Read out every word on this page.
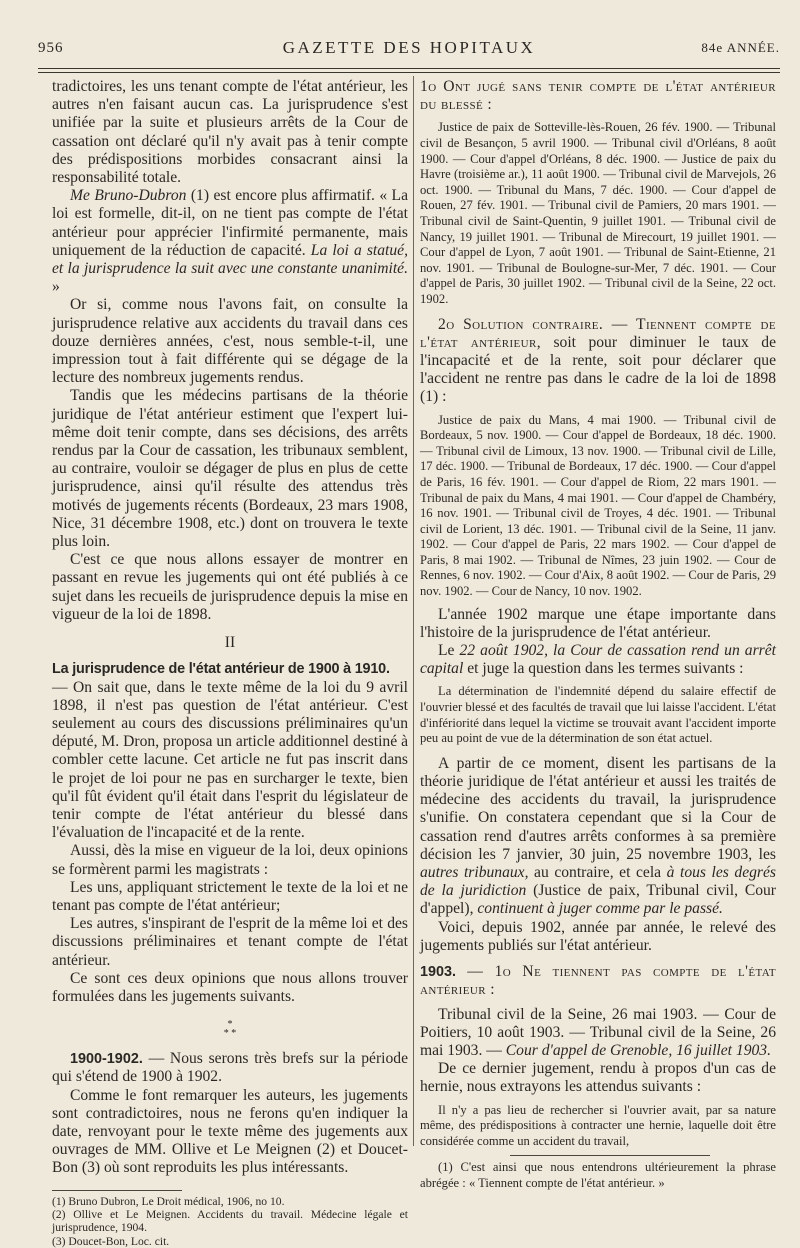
956	GAZETTE DES HOPITAUX	84e ANNÉE.

tradictoires, les uns tenant compte de l'état antérieur, les autres n'en faisant aucun cas. La jurisprudence s'est unifiée par la suite et plusieurs arrêts de la Cour de cassation ont déclaré qu'il n'y avait pas à tenir compte des prédispositions morbides consacrant ainsi la responsabilité totale.

Me Bruno-Dubron (1) est encore plus affirmatif. « La loi est formelle, dit-il, on ne tient pas compte de l'état antérieur pour apprécier l'infirmité permanente, mais uniquement de la réduction de capacité. La loi a statué, et la jurisprudence la suit avec une constante unanimité. »

Or si, comme nous l'avons fait, on consulte la jurisprudence relative aux accidents du travail dans ces douze dernières années, c'est, nous semble-t-il, une impression tout à fait différente qui se dégage de la lecture des nombreux jugements rendus.

Tandis que les médecins partisans de la théorie juridique de l'état antérieur estiment que l'expert lui-même doit tenir compte, dans ses décisions, des arrêts rendus par la Cour de cassation, les tribunaux semblent, au contraire, vouloir se dégager de plus en plus de cette jurisprudence, ainsi qu'il résulte des attendus très motivés de jugements récents (Bordeaux, 23 mars 1908, Nice, 31 décembre 1908, etc.) dont on trouvera le texte plus loin.

C'est ce que nous allons essayer de montrer en passant en revue les jugements qui ont été publiés à ce sujet dans les recueils de jurisprudence depuis la mise en vigueur de la loi de 1898.

II

La jurisprudence de l'état antérieur de 1900 à 1910.

— On sait que, dans le texte même de la loi du 9 avril 1898, il n'est pas question de l'état antérieur. C'est seulement au cours des discussions préliminaires qu'un député, M. Dron, proposa un article additionnel destiné à combler cette lacune. Cet article ne fut pas inscrit dans le projet de loi pour ne pas en surcharger le texte, bien qu'il fût évident qu'il était dans l'esprit du législateur de tenir compte de l'état antérieur du blessé dans l'évaluation de l'incapacité et de la rente.

Aussi, dès la mise en vigueur de la loi, deux opinions se formèrent parmi les magistrats :

Les uns, appliquant strictement le texte de la loi et ne tenant pas compte de l'état antérieur;

Les autres, s'inspirant de l'esprit de la même loi et des discussions préliminaires et tenant compte de l'état antérieur.

Ce sont ces deux opinions que nous allons trouver formulées dans les jugements suivants.

*
* *

1900-1902. — Nous serons très brefs sur la période qui s'étend de 1900 à 1902.

Comme le font remarquer les auteurs, les jugements sont contradictoires, nous ne ferons qu'en indiquer la date, renvoyant pour le texte même des jugements aux ouvrages de MM. Ollive et Le Meignen (2) et Doucet-Bon (3) où sont reproduits les plus intéressants.

(1) Bruno Dubron, Le Droit médical, 1906, no 10.
(2) Ollive et Le Meignen. Accidents du travail. Médecine légale et jurisprudence, 1904.
(3) Doucet-Bon, Loc. cit.

1o Ont jugé sans tenir compte de l'état antérieur du blessé :

Justice de paix de Sotteville-lès-Rouen, 26 fév. 1900. — Tribunal civil de Besançon, 5 avril 1900. — Tribunal civil d'Orléans, 8 août 1900. — Cour d'appel d'Orléans, 8 déc. 1900. — Justice de paix du Havre (troisième ar.), 11 août 1900. — Tribunal civil de Marvejols, 26 oct. 1900. — Tribunal du Mans, 7 déc. 1900. — Cour d'appel de Rouen, 27 fév. 1901. — Tribunal civil de Pamiers, 20 mars 1901. — Tribunal civil de Saint-Quentin, 9 juillet 1901. — Tribunal civil de Nancy, 19 juillet 1901. — Tribunal de Mirecourt, 19 juillet 1901. — Cour d'appel de Lyon, 7 août 1901. — Tribunal de Saint-Etienne, 21 nov. 1901. — Tribunal de Boulogne-sur-Mer, 7 déc. 1901. — Cour d'appel de Paris, 30 juillet 1902. — Tribunal civil de la Seine, 22 oct. 1902.

2o Solution contraire. — Tiennent compte de l'état antérieur, soit pour diminuer le taux de l'incapacité et de la rente, soit pour déclarer que l'accident ne rentre pas dans le cadre de la loi de 1898 (1) :

Justice de paix du Mans, 4 mai 1900. — Tribunal civil de Bordeaux, 5 nov. 1900. — Cour d'appel de Bordeaux, 18 déc. 1900. — Tribunal civil de Limoux, 13 nov. 1900. — Tribunal civil de Lille, 17 déc. 1900. — Tribunal de Bordeaux, 17 déc. 1900. — Cour d'appel de Paris, 16 fév. 1901. — Cour d'appel de Riom, 22 mars 1901. — Tribunal de paix du Mans, 4 mai 1901. — Cour d'appel de Chambéry, 16 nov. 1901. — Tribunal civil de Troyes, 4 déc. 1901. — Tribunal civil de Lorient, 13 déc. 1901. — Tribunal civil de la Seine, 11 janv. 1902. — Cour d'appel de Paris, 22 mars 1902. — Cour d'appel de Paris, 8 mai 1902. — Tribunal de Nîmes, 23 juin 1902. — Cour de Rennes, 6 nov. 1902. — Cour d'Aix, 8 août 1902. — Cour de Paris, 29 nov. 1902. — Cour de Nancy, 10 nov. 1902.

L'année 1902 marque une étape importante dans l'histoire de la jurisprudence de l'état antérieur.

Le 22 août 1902, la Cour de cassation rend un arrêt capital et juge la question dans les termes suivants :

La détermination de l'indemnité dépend du salaire effectif de l'ouvrier blessé et des facultés de travail que lui laisse l'accident. L'état d'infériorité dans lequel la victime se trouvait avant l'accident importe peu au point de vue de la détermination de son état actuel.

A partir de ce moment, disent les partisans de la théorie juridique de l'état antérieur et aussi les traités de médecine des accidents du travail, la jurisprudence s'unifie. On constatera cependant que si la Cour de cassation rend d'autres arrêts conformes à sa première décision les 7 janvier, 30 juin, 25 novembre 1903, les autres tribunaux, au contraire, et cela à tous les degrés de la juridiction (Justice de paix, Tribunal civil, Cour d'appel), continuent à juger comme par le passé.

Voici, depuis 1902, année par année, le relevé des jugements publiés sur l'état antérieur.

1903. — 1o Ne tiennent pas compte de l'état antérieur :

Tribunal civil de la Seine, 26 mai 1903. — Cour de Poitiers, 10 août 1903. — Tribunal civil de la Seine, 26 mai 1903. — Cour d'appel de Grenoble, 16 juillet 1903.

De ce dernier jugement, rendu à propos d'un cas de hernie, nous extrayons les attendus suivants :

Il n'y a pas lieu de rechercher si l'ouvrier avait, par sa nature même, des prédispositions à contracter une hernie, laquelle doit être considérée comme un accident du travail,

(1) C'est ainsi que nous entendrons ultérieurement la phrase abrégée : « Tiennent compte de l'état antérieur. »
